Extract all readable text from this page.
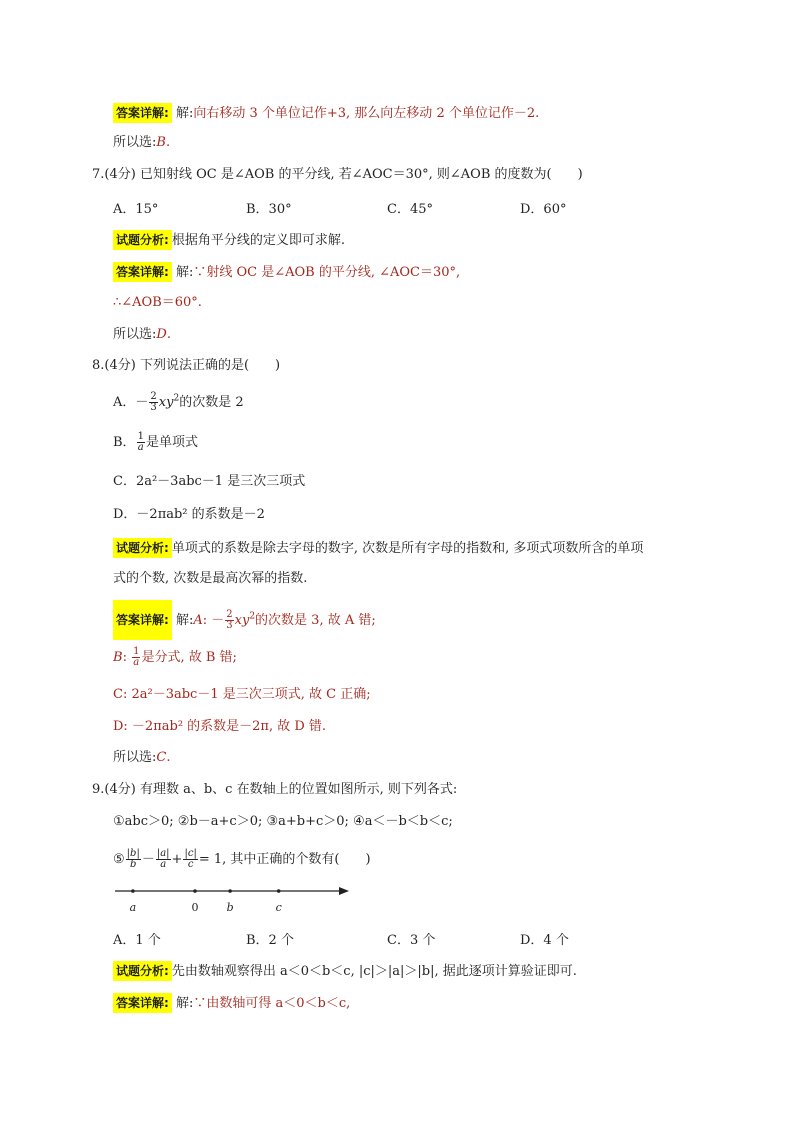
答案详解: 解:向右移动 3 个单位记作+3, 那么向左移动 2 个单位记作－2.
所以选:B.
7.(4分) 已知射线 OC 是∠AOB 的平分线, 若∠AOC＝30°, 则∠AOB 的度数为(　　)
A．15°	B．30°	C．45°	D．60°
试题分析: 根据角平分线的定义即可求解.
答案详解: 解:∵射线 OC 是∠AOB 的平分线, ∠AOC＝30°,
∴∠AOB＝60°.
所以选:D.
8.(4分) 下列说法正确的是(　　)
A．－ $\frac{2}{3} xy^2$的次数是 2
B． $\frac{1}{a}$ 是单项式
C．2a²－3abc－1 是三次三项式
D．－2πab² 的系数是－2
试题分析: 单项式的系数是除去字母的数字, 次数是所有字母的指数和, 多项式项数所含的单项
式的个数, 次数是最高次幂的指数.
答案详解: 解:A: － $\frac{2}{3} xy^2$的次数是 3, 故 A 错;
B: $\frac{1}{a}$ 是分式, 故 B 错;
C: 2a²－3abc－1 是三次三项式, 故 C 正确;
D: －2πab² 的系数是－2π, 故 D 错.
所以选:C.
9.(4分) 有理数 a、b、c 在数轴上的位置如图所示, 则下列各式:
①abc＞0; ②b－a+c＞0; ③a+b+c＞0; ④a＜－b＜b＜c;
⑤ $\frac{|b|}{b} - \frac{|a|}{a} + \frac{|c|}{c} = 1$, 其中正确的个数有(　　)
a	0	b	c
A．1 个	B．2 个	C．3 个	D．4 个
试题分析: 先由数轴观察得出 a＜0＜b＜c, |c|＞|a|＞|b|, 据此逐项计算验证即可.
答案详解: 解:∵由数轴可得 a＜0＜b＜c,
